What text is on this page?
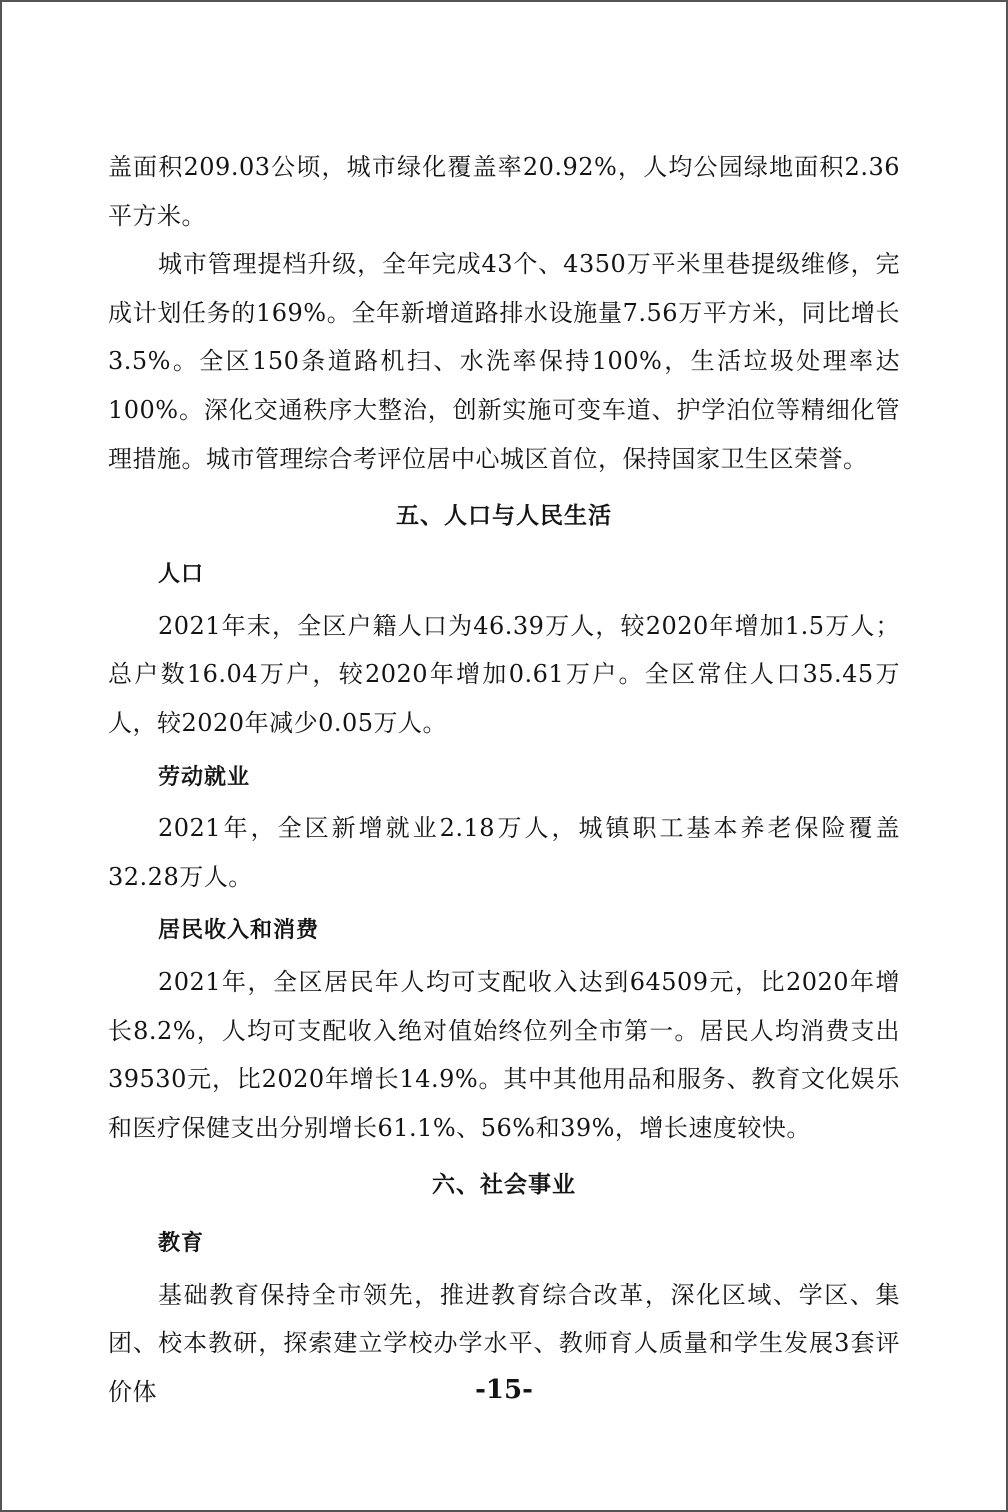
盖面积209.03公顷，城市绿化覆盖率20.92%，人均公园绿地面积2.36平方米。

城市管理提档升级，全年完成43个、4350万平米里巷提级维修，完成计划任务的169%。全年新增道路排水设施量7.56万平方米，同比增长3.5%。全区150条道路机扫、水洗率保持100%，生活垃圾处理率达100%。深化交通秩序大整治，创新实施可变车道、护学泊位等精细化管理措施。城市管理综合考评位居中心城区首位，保持国家卫生区荣誉。

五、人口与人民生活
人口

2021年末，全区户籍人口为46.39万人，较2020年增加1.5万人；总户数16.04万户，较2020年增加0.61万户。全区常住人口35.45万人，较2020年减少0.05万人。

劳动就业

2021年，全区新增就业2.18万人，城镇职工基本养老保险覆盖32.28万人。

居民收入和消费

2021年，全区居民年人均可支配收入达到64509元，比2020年增长8.2%，人均可支配收入绝对值始终位列全市第一。居民人均消费支出39530元，比2020年增长14.9%。其中其他用品和服务、教育文化娱乐和医疗保健支出分别增长61.1%、56%和39%，增长速度较快。

六、社会事业
教育

基础教育保持全市领先，推进教育综合改革，深化区域、学区、集团、校本教研，探索建立学校办学水平、教师育人质量和学生发展3套评价体	-15-
